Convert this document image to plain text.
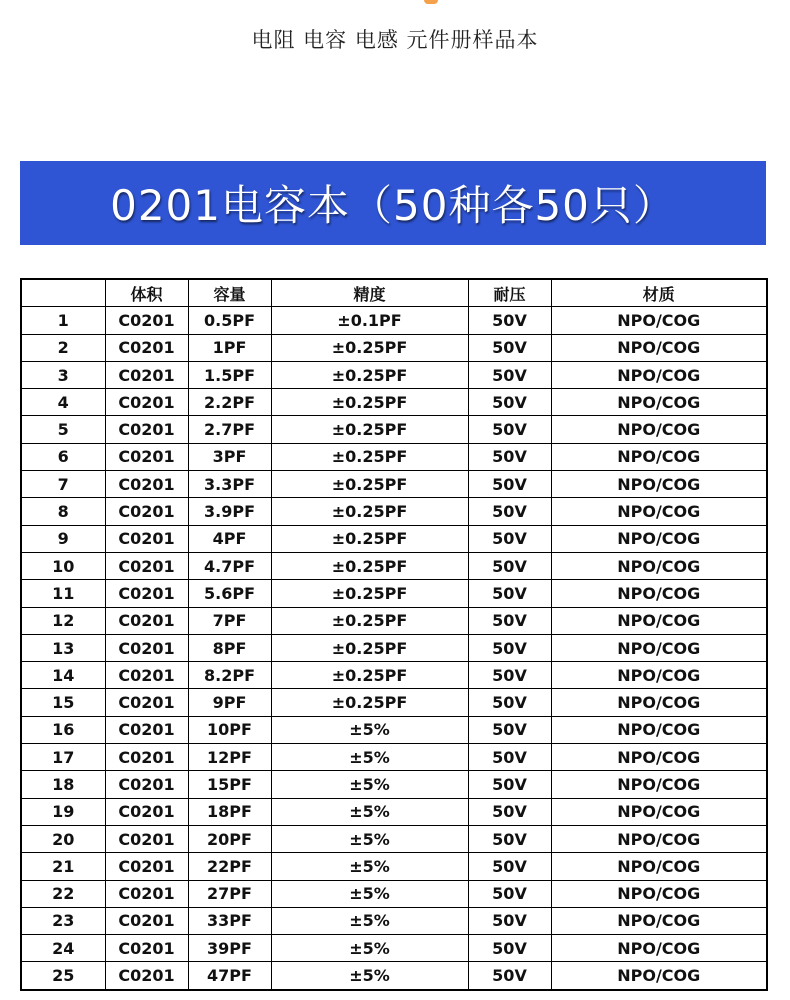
电阻 电容 电感 元件册样品本
0201电容本（50种各50只）
	体积	容量	精度	耐压	材质
1	C0201	0.5PF	±0.1PF	50V	NPO/COG
2	C0201	1PF	±0.25PF	50V	NPO/COG
3	C0201	1.5PF	±0.25PF	50V	NPO/COG
4	C0201	2.2PF	±0.25PF	50V	NPO/COG
5	C0201	2.7PF	±0.25PF	50V	NPO/COG
6	C0201	3PF	±0.25PF	50V	NPO/COG
7	C0201	3.3PF	±0.25PF	50V	NPO/COG
8	C0201	3.9PF	±0.25PF	50V	NPO/COG
9	C0201	4PF	±0.25PF	50V	NPO/COG
10	C0201	4.7PF	±0.25PF	50V	NPO/COG
11	C0201	5.6PF	±0.25PF	50V	NPO/COG
12	C0201	7PF	±0.25PF	50V	NPO/COG
13	C0201	8PF	±0.25PF	50V	NPO/COG
14	C0201	8.2PF	±0.25PF	50V	NPO/COG
15	C0201	9PF	±0.25PF	50V	NPO/COG
16	C0201	10PF	±5%	50V	NPO/COG
17	C0201	12PF	±5%	50V	NPO/COG
18	C0201	15PF	±5%	50V	NPO/COG
19	C0201	18PF	±5%	50V	NPO/COG
20	C0201	20PF	±5%	50V	NPO/COG
21	C0201	22PF	±5%	50V	NPO/COG
22	C0201	27PF	±5%	50V	NPO/COG
23	C0201	33PF	±5%	50V	NPO/COG
24	C0201	39PF	±5%	50V	NPO/COG
25	C0201	47PF	±5%	50V	NPO/COG
